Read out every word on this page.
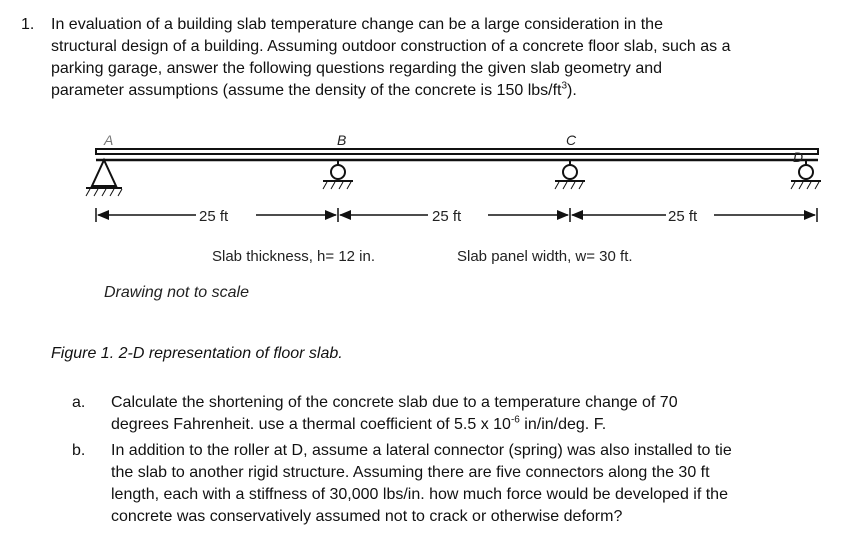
1. In evaluation of a building slab temperature change can be a large consideration in the
structural design of a building. Assuming outdoor construction of a concrete floor slab, such as a
parking garage, answer the following questions regarding the given slab geometry and
parameter assumptions (assume the density of the concrete is 150 lbs/$ft^3$).

A	B	C
D
25 ft	25 ft	25 ft
Slab thickness, h= 12 in.	Slab panel width, w= 30 ft.
Drawing not to scale
Figure 1. 2-D representation of floor slab.
a. Calculate the shortening of the concrete slab due to a temperature change of 70
degrees Fahrenheit. use a thermal coefficient of 5.5 x $10^{-6}$ in/in/deg. F.
b. In addition to the roller at D, assume a lateral connector (spring) was also installed to tie
the slab to another rigid structure. Assuming there are five connectors along the 30 ft
length, each with a stiffness of 30,000 lbs/in. how much force would be developed if the
concrete was conservatively assumed not to crack or otherwise deform?
